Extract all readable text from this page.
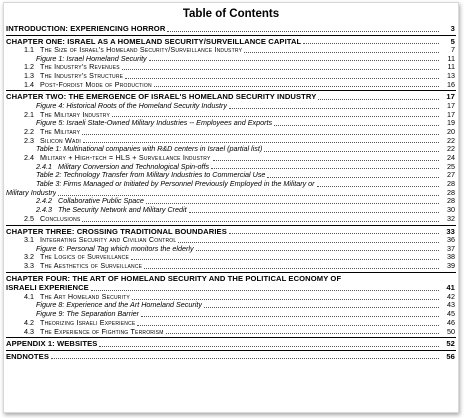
Table of Contents
INTRODUCTION: EXPERIENCING HORROR	3
CHAPTER ONE: ISRAEL AS A HOMELAND SECURITY/SURVEILLANCE CAPITAL	5
1.1 The Size of Israel's Homeland Security/Surveillance Industry	7
Figure 1: Israel Homeland Security	11
1.2 The Industry's Revenues	11
1.3 The Industry's Structure	13
1.4 Post-Fordist Mode of Production	16
CHAPTER TWO: THE EMERGENCE OF ISRAEL'S HOMELAND SECURITY INDUSTRY	17
Figure 4: Historical Roots of the Homeland Security Industry	17
2.1 The Military Industry	17
Figure 5: Israeli State-Owned Military Industries -- Employees and Exports	19
2.2 The Military	20
2.3 Silicon Wadi	22
Table 1: Multinational companies with R&D centers in Israel (partial list)	22
2.4 Military + High-tech = HLS + Surveillance Industry	24
2.4.1 Military Conversion and Technological Spin-offs	25
Table 2: Technology Transfer from Military Industries to Commercial Use	27
Table 3: Firms Managed or Initiated by Personnel Previously Employed in the Military or	28
Military Industry	28
2.4.2 Collaborative Public Space	28
2.4.3 The Security Network and Military Credit	30
2.5 Conclusions	32
CHAPTER THREE: CROSSING TRADITIONAL BOUNDARIES	33
3.1 Integrating Security and Civilian Control	36
Figure 6: Personal Tag which monitors the elderly	37
3.2 The Logics of Surveillance	38
3.3 The Aesthetics of Surveillance	39
CHAPTER FOUR: THE ART OF HOMELAND SECURITY AND THE POLITICAL ECONOMY OF
ISRAELI EXPERIENCE	41
4.1 The Art Homeland Security	42
Figure 8: Experience and the Art Homeland Security	43
Figure 9: The Separation Barrier	45
4.2 Theorizing Israeli Experience	46
4.3 The Experience of Fighting Terrorism	50
APPENDIX 1: WEBSITES	52
ENDNOTES	56
